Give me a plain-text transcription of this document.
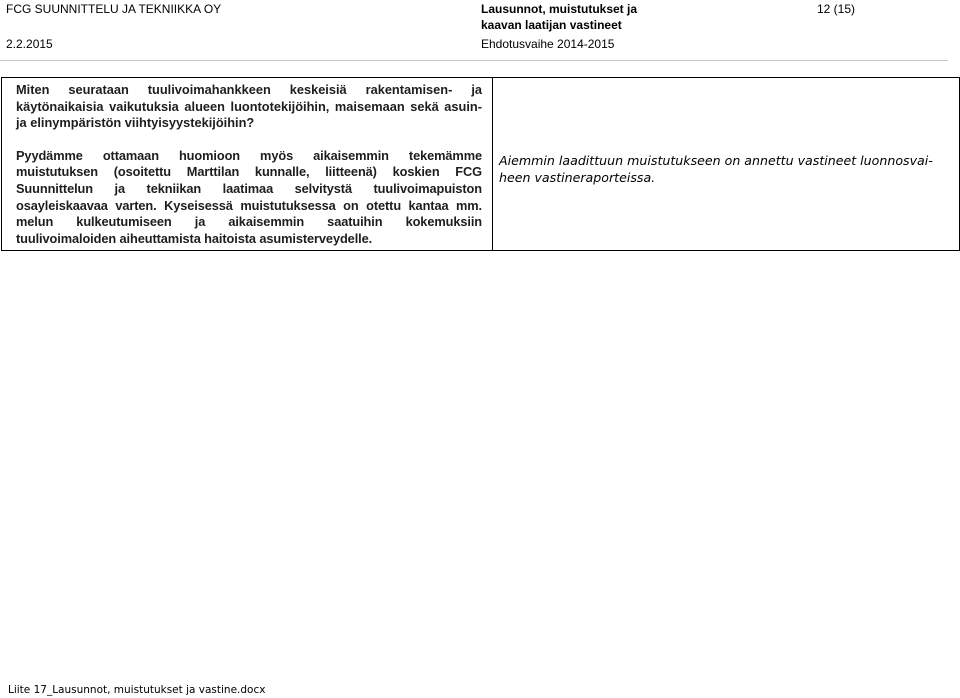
FCG SUUNNITTELU JA TEKNIIKKA OY
2.2.2015
Lausunnot, muistutukset ja
kaavan laatijan vastineet
Ehdotusvaihe 2014-2015
12 (15)

Miten seurataan tuulivoimahankkeen keskeisiä rakentamisen- ja käytönaikaisia vaikutuksia alueen luontotekijöihin, maisemaan sekä asuin- ja elinympäristön viihtyisyystekijöihin?

Pyydämme ottamaan huomioon myös aikaisemmin tekemämme muistutuksen (osoitettu Marttilan kunnalle, liitteenä) koskien FCG Suunnittelun ja tekniikan laatimaa selvitystä tuulivoimapuiston osayleiskaavaa varten. Kyseisessä muistutuksessa on otettu kantaa mm. melun kulkeutumiseen ja aikaisemmin saatuihin kokemuksiin tuulivoimaloiden aiheuttamista haitoista asumisterveydelle.

Aiemmin laadittuun muistutukseen on annettu vastineet luonnosvai-
heen vastineraporteissa.
Liite 17_Lausunnot, muistutukset ja vastine.docx
